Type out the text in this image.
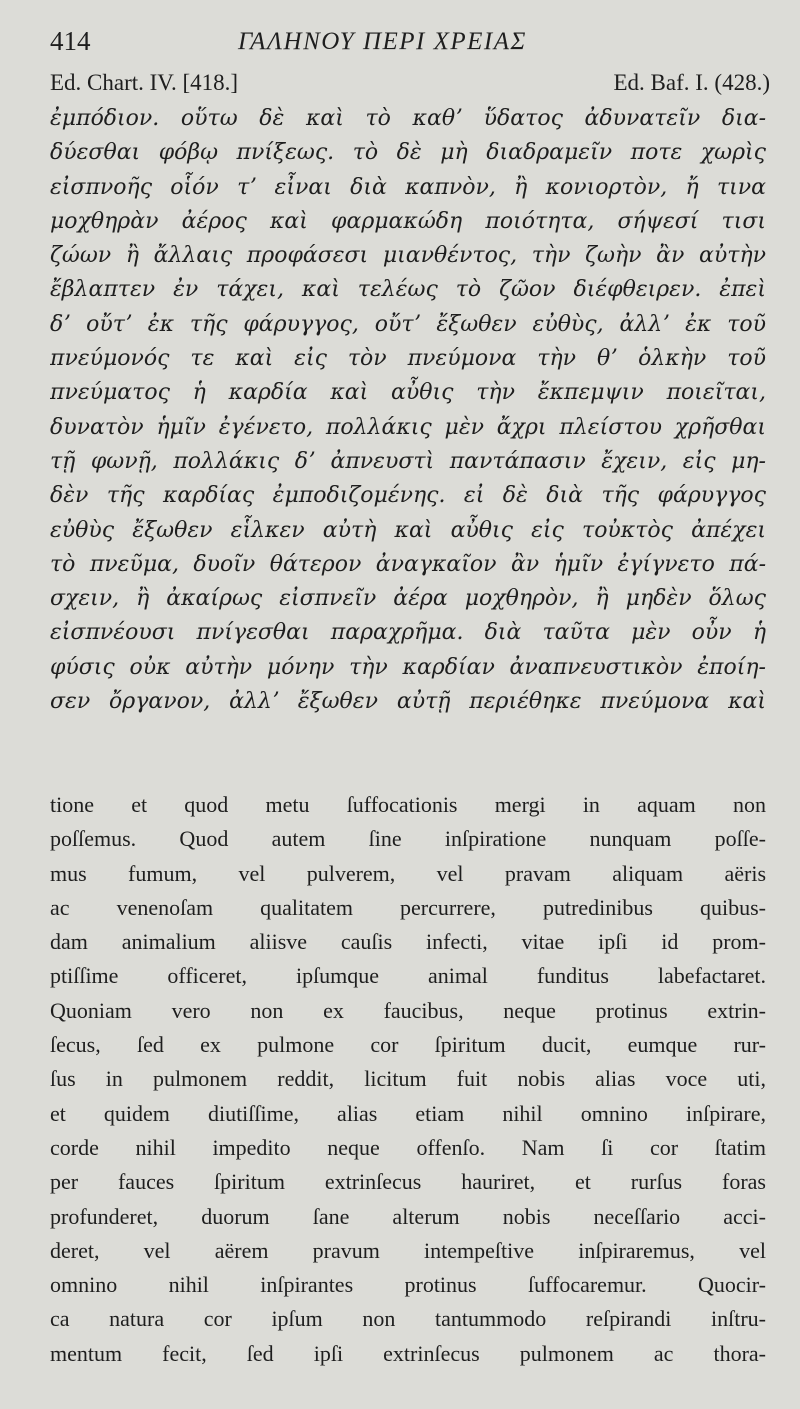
414	ΓΑΛΗΝΟΥ ΠΕΡΙ ΧΡΕΙΑΣ
Ed. Chart. IV. [418.]	Ed. Baf. I. (428.)
ἐμπόδιον. οὕτω δὲ καὶ τὸ καθʼ ὕδατος ἀδυνατεῖν δια-
δύεσθαι φόβῳ πνίξεως. τὸ δὲ μὴ διαδραμεῖν ποτε χωρὶς
εἰσπνοῆς οἷόν τʼ εἶναι διὰ καπνὸν, ἢ κονιορτὸν, ἤ τινα
μοχθηρὰν ἀέρος καὶ φαρμακώδη ποιότητα, σήψεσί τισι
ζώων ἢ ἄλλαις προφάσεσι μιανθέντος, τὴν ζωὴν ἂν αὐτὴν
ἔβλαπτεν ἐν τάχει, καὶ τελέως τὸ ζῶον διέφθειρεν. ἐπεὶ
δʼ οὔτʼ ἐκ τῆς φάρυγγος, οὔτʼ ἔξωθεν εὐθὺς, ἀλλʼ ἐκ τοῦ
πνεύμονός τε καὶ εἰς τὸν πνεύμονα τὴν θʼ ὁλκὴν τοῦ
πνεύματος ἡ καρδία καὶ αὖθις τὴν ἔκπεμψιν ποιεῖται,
δυνατὸν ἡμῖν ἐγένετο, πολλάκις μὲν ἄχρι πλείστου χρῆσθαι
τῇ φωνῇ, πολλάκις δʼ ἀπνευστὶ παντάπασιν ἔχειν, εἰς μη-
δὲν τῆς καρδίας ἐμποδιζομένης. εἰ δὲ διὰ τῆς φάρυγγος
εὐθὺς ἔξωθεν εἷλκεν αὐτὴ καὶ αὖθις εἰς τοὐκτὸς ἀπέχει
τὸ πνεῦμα, δυοῖν θάτερον ἀναγκαῖον ἂν ἡμῖν ἐγίγνετο πά-
σχειν, ἢ ἀκαίρως εἰσπνεῖν ἀέρα μοχθηρὸν, ἢ μηδὲν ὅλως
εἰσπνέουσι πνίγεσθαι παραχρῆμα. διὰ ταῦτα μὲν οὖν ἡ
φύσις οὐκ αὐτὴν μόνην τὴν καρδίαν ἀναπνευστικὸν ἐποίη-
σεν ὄργανον, ἀλλʼ ἔξωθεν αὐτῇ περιέθηκε πνεύμονα καὶ
tione et quod metu ſuffocationis mergi in aquam non
poſſemus. Quod autem ſine inſpiratione nunquam poſſe-
mus fumum, vel pulverem, vel pravam aliquam aëris
ac venenoſam qualitatem percurrere, putredinibus quibus-
dam animalium aliisve cauſis infecti, vitae ipſi id prom-
ptiſſime officeret, ipſumque animal funditus labefactaret.
Quoniam vero non ex faucibus, neque protinus extrin-
ſecus, ſed ex pulmone cor ſpiritum ducit, eumque rur-
ſus in pulmonem reddit, licitum fuit nobis alias voce uti,
et quidem diutiſſime, alias etiam nihil omnino inſpirare,
corde nihil impedito neque offenſo. Nam ſi cor ſtatim
per fauces ſpiritum extrinſecus hauriret, et rurſus foras
profunderet, duorum ſane alterum nobis neceſſario acci-
deret, vel aërem pravum intempeſtive inſpiraremus, vel
omnino nihil inſpirantes protinus ſuffocaremur. Quocir-
ca natura cor ipſum non tantummodo reſpirandi inſtru-
mentum fecit, ſed ipſi extrinſecus pulmonem ac thora-
